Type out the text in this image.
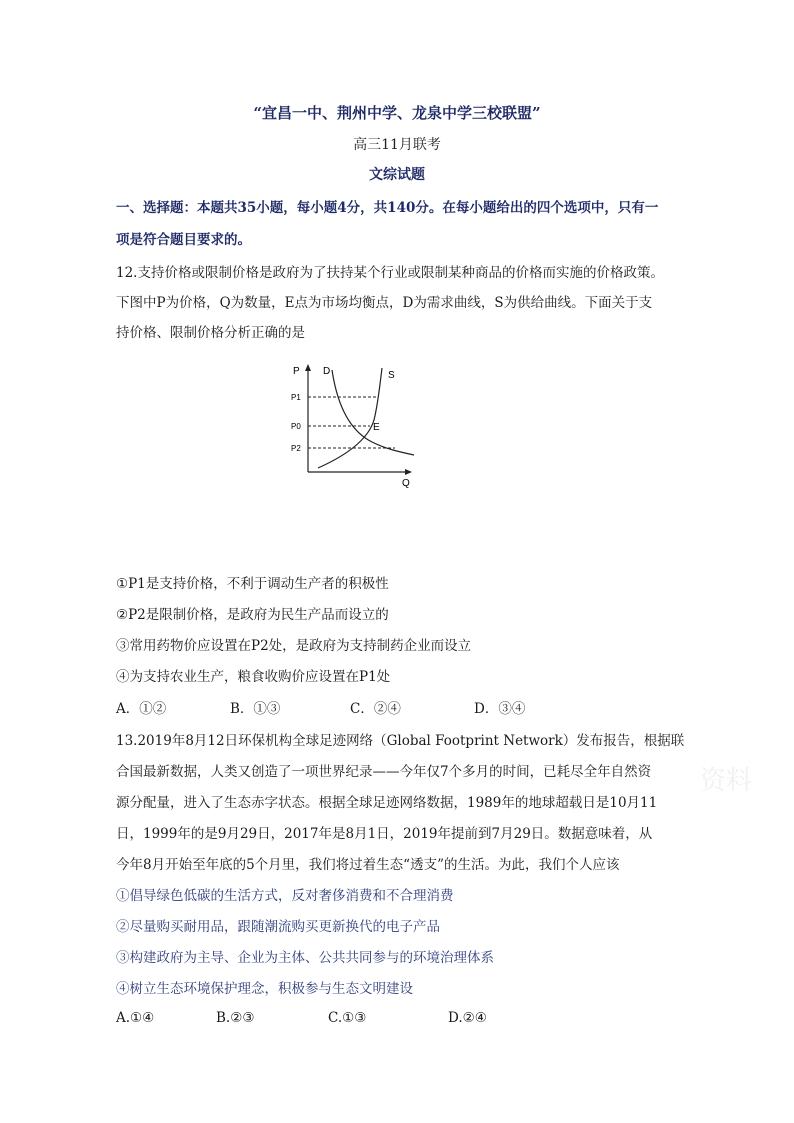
“宜昌一中、荆州中学、龙泉中学三校联盟”
高三11月联考
文综试题
一、选择题：本题共35小题，每小题4分，共140分。在每小题给出的四个选项中，只有一
项是符合题目要求的。
12.支持价格或限制价格是政府为了扶持某个行业或限制某种商品的价格而实施的价格政策。
下图中P为价格，Q为数量，E点为市场均衡点，D为需求曲线，S为供给曲线。下面关于支
持价格、限制价格分析正确的是
P
Q
D	S
E
P1
P0
P2
①P1是支持价格，不利于调动生产者的积极性
②P2是限制价格，是政府为民生产品而设立的
③常用药物价应设置在P2处，是政府为支持制药企业而设立
④为支持农业生产，粮食收购价应设置在P1处
A．①②	B．①③	C．②④	D．③④
13.2019年8月12日环保机构全球足迹网络（Global Footprint Network）发布报告，根据联
合国最新数据，人类又创造了一项世界纪录——今年仅7个多月的时间，已耗尽全年自然资
源分配量，进入了生态赤字状态。根据全球足迹网络数据，1989年的地球超载日是10月11
日，1999年的是9月29日，2017年是8月1日，2019年提前到7月29日。数据意味着，从
今年8月开始至年底的5个月里，我们将过着生态“透支”的生活。为此，我们个人应该
①倡导绿色低碳的生活方式，反对奢侈消费和不合理消费
②尽量购买耐用品，跟随潮流购买更新换代的电子产品
③构建政府为主导、企业为主体、公共共同参与的环境治理体系
④树立生态环境保护理念，积极参与生态文明建设
A.①④	B.②③	C.①③	D.②④
资料
